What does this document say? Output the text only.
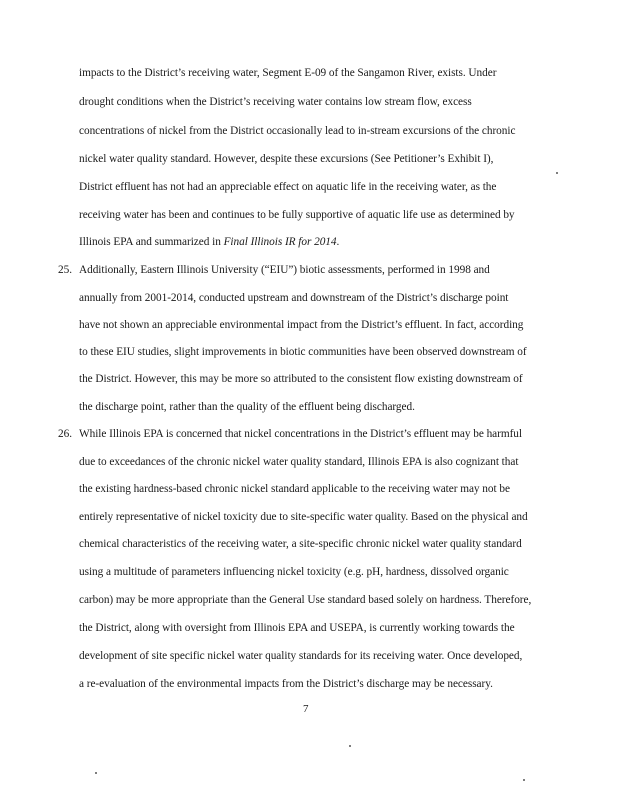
impacts to the District’s receiving water, Segment E-09 of the Sangamon River, exists. Under
drought conditions when the District’s receiving water contains low stream flow, excess
concentrations of nickel from the District occasionally lead to in-stream excursions of the chronic
nickel water quality standard. However, despite these excursions (See Petitioner’s Exhibit I),
District effluent has not had an appreciable effect on aquatic life in the receiving water, as the
receiving water has been and continues to be fully supportive of aquatic life use as determined by
Illinois EPA and summarized in Final Illinois IR for 2014.
25. Additionally, Eastern Illinois University (“EIU”) biotic assessments, performed in 1998 and
annually from 2001-2014, conducted upstream and downstream of the District’s discharge point
have not shown an appreciable environmental impact from the District’s effluent. In fact, according
to these EIU studies, slight improvements in biotic communities have been observed downstream of
the District. However, this may be more so attributed to the consistent flow existing downstream of
the discharge point, rather than the quality of the effluent being discharged.
26. While Illinois EPA is concerned that nickel concentrations in the District’s effluent may be harmful
due to exceedances of the chronic nickel water quality standard, Illinois EPA is also cognizant that
the existing hardness-based chronic nickel standard applicable to the receiving water may not be
entirely representative of nickel toxicity due to site-specific water quality. Based on the physical and
chemical characteristics of the receiving water, a site-specific chronic nickel water quality standard
using a multitude of parameters influencing nickel toxicity (e.g. pH, hardness, dissolved organic
carbon) may be more appropriate than the General Use standard based solely on hardness. Therefore,
the District, along with oversight from Illinois EPA and USEPA, is currently working towards the
development of site specific nickel water quality standards for its receiving water. Once developed,
a re-evaluation of the environmental impacts from the District’s discharge may be necessary.
7
